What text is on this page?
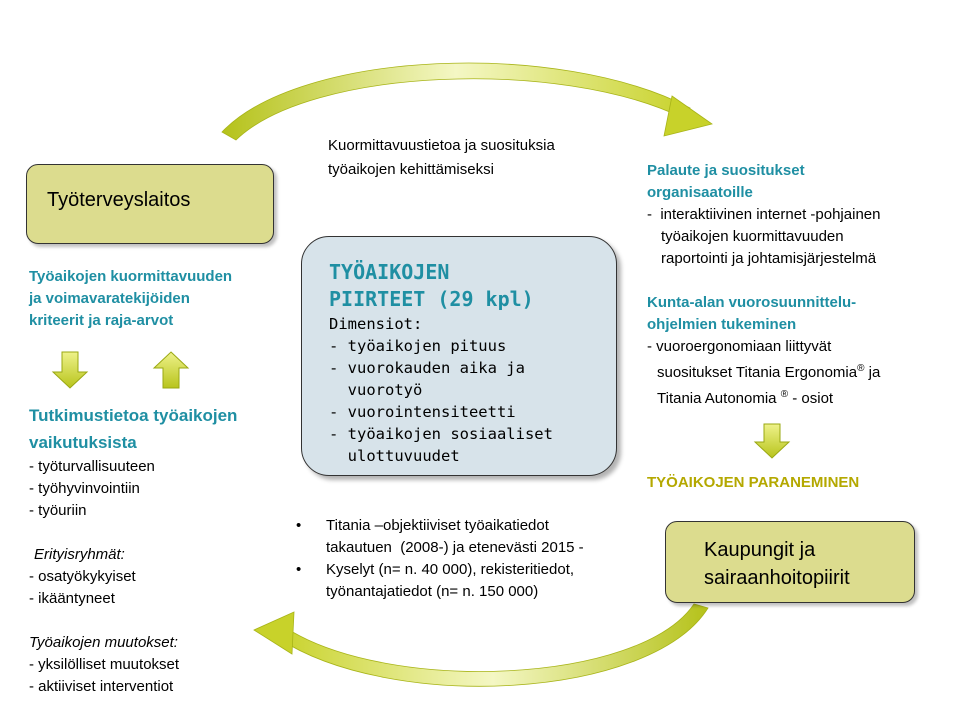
Työterveyslaitos
Kaupungit ja
sairaanhoitopiirit
Kuormittavuustietoa ja suosituksia
työaikojen kehittämiseksi
TYÖAIKOJEN
PIIRTEET (29 kpl)
Dimensiot:
- työaikojen pituus
- vuorokauden aika ja
vuorotyö
- vuorointensiteetti
- työaikojen sosiaaliset
ulottuvuudet
Työaikojen kuormittavuuden
ja voimavaratekijöiden
kriteerit ja raja-arvot
Tutkimustietoa työaikojen
vaikutuksista
- työturvallisuuteen
- työhyvinvointiin
- työuriin
Erityisryhmät:
- osatyökykyiset
- ikääntyneet
Työaikojen muutokset:
- yksilölliset muutokset
- aktiiviset interventiot
Palaute ja suositukset
organisaatoille
-  interaktiivinen internet -pohjainen
työaikojen kuormittavuuden
raportointi ja johtamisjärjestelmä
Kunta-alan vuorosuunnittelu-
ohjelmien tukeminen
- vuoroergonomiaan liittyvät
suositukset Titania Ergonomia® ja
Titania Autonomia ® - osiot
TYÖAIKOJEN PARANEMINEN
• Titania –objektiiviset työaikatiedot
takautuen  (2008-) ja etenevästi 2015 -
• Kyselyt (n= n. 40 000), rekisteritiedot,
työnantajatiedot (n= n. 150 000)
